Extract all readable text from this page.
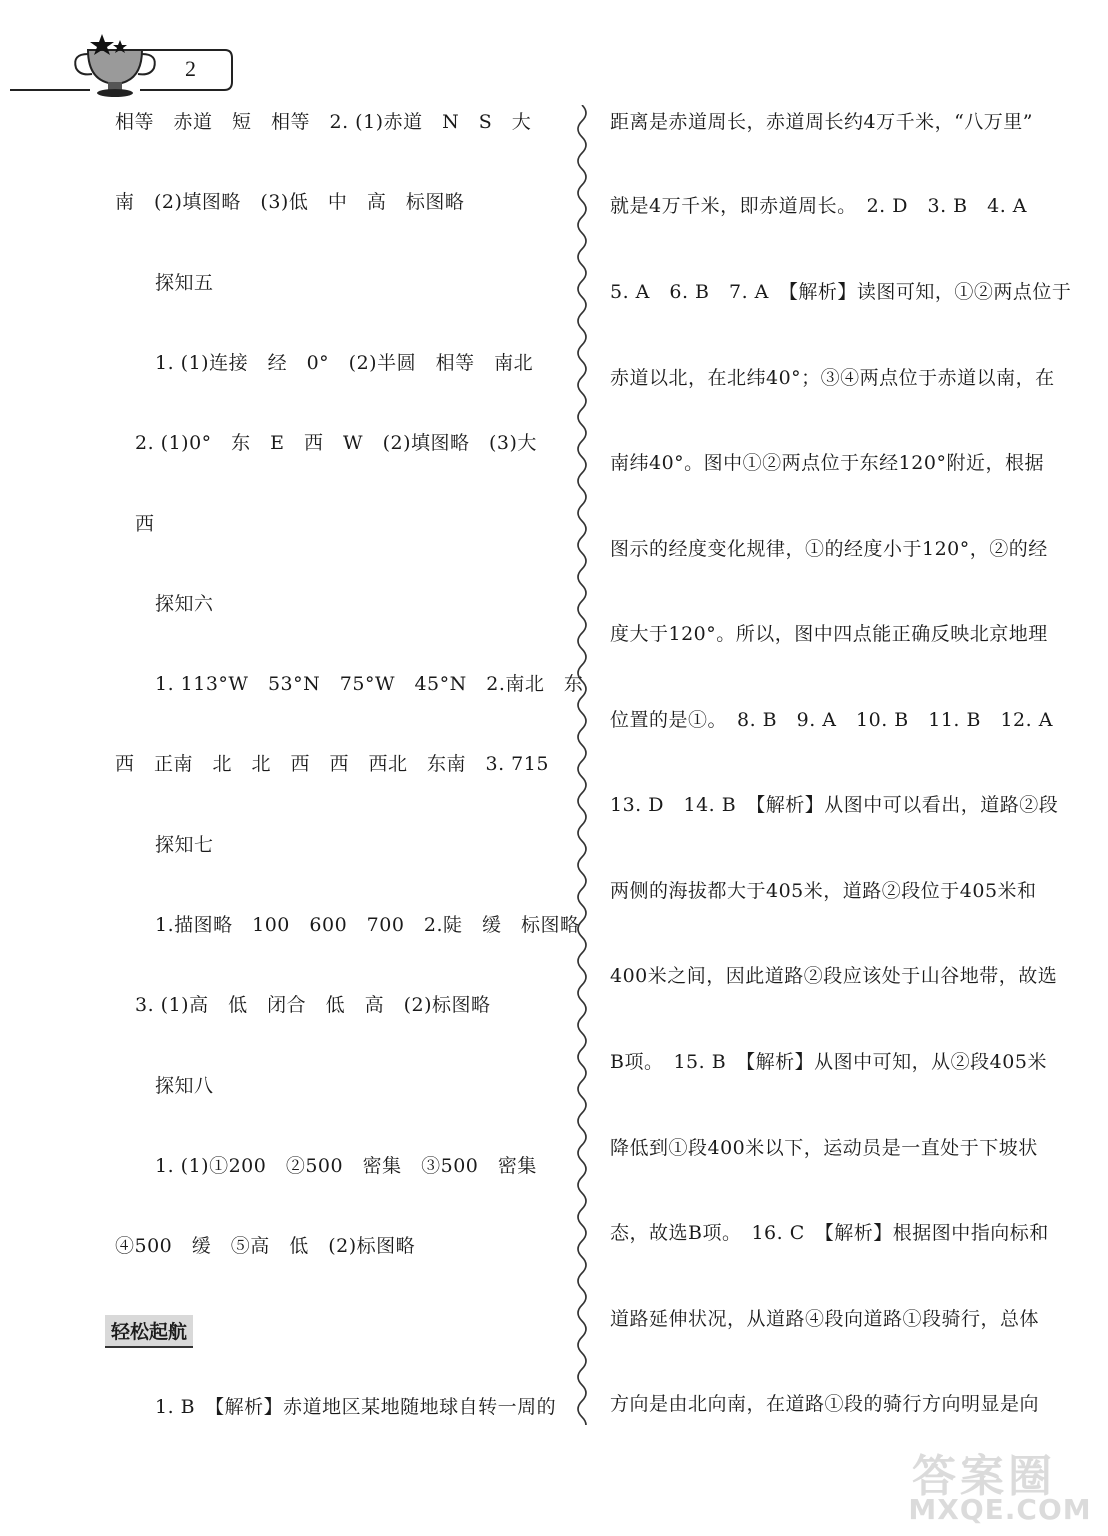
2
相等　赤道　短　相等　2. (1)赤道　N　S　大
南　(2)填图略　(3)低　中　高　标图略
探知五
1. (1)连接　经　0°　(2)半圆　相等　南北
2. (1)0°　东　E　西　W　(2)填图略　(3)大
西
探知六
1. 113°W　53°N　75°W　45°N　2.南北　东
西　正南　北　北　西　西　西北　东南　3. 715
探知七
1.描图略　100　600　700　2.陡　缓　标图略
3. (1)高　低　闭合　低　高　(2)标图略
探知八
1. (1)①200　②500　密集　③500　密集
④500　缓　⑤高　低　(2)标图略
1. B　【解析】赤道地区某地随地球自转一周的
轻松起航
距离是赤道周长，赤道周长约4万千米，“八万里”
就是4万千米，即赤道周长。　2. D　3. B　4. A
5. A　6. B　7. A　【解析】读图可知，①②两点位于
赤道以北，在北纬40°；③④两点位于赤道以南，在
南纬40°。图中①②两点位于东经120°附近，根据
图示的经度变化规律，①的经度小于120°，②的经
度大于120°。所以，图中四点能正确反映北京地理
位置的是①。　8. B　9. A　10. B　11. B　12. A
13. D　14. B　【解析】从图中可以看出，道路②段
两侧的海拔都大于405米，道路②段位于405米和
400米之间，因此道路②段应该处于山谷地带，故选
B项。　15. B　【解析】从图中可知，从②段405米
降低到①段400米以下，运动员是一直处于下坡状
态，故选B项。　16. C　【解析】根据图中指向标和
道路延伸状况，从道路④段向道路①段骑行，总体
方向是由北向南，在道路①段的骑行方向明显是向
答案圈
MXQE.COM
